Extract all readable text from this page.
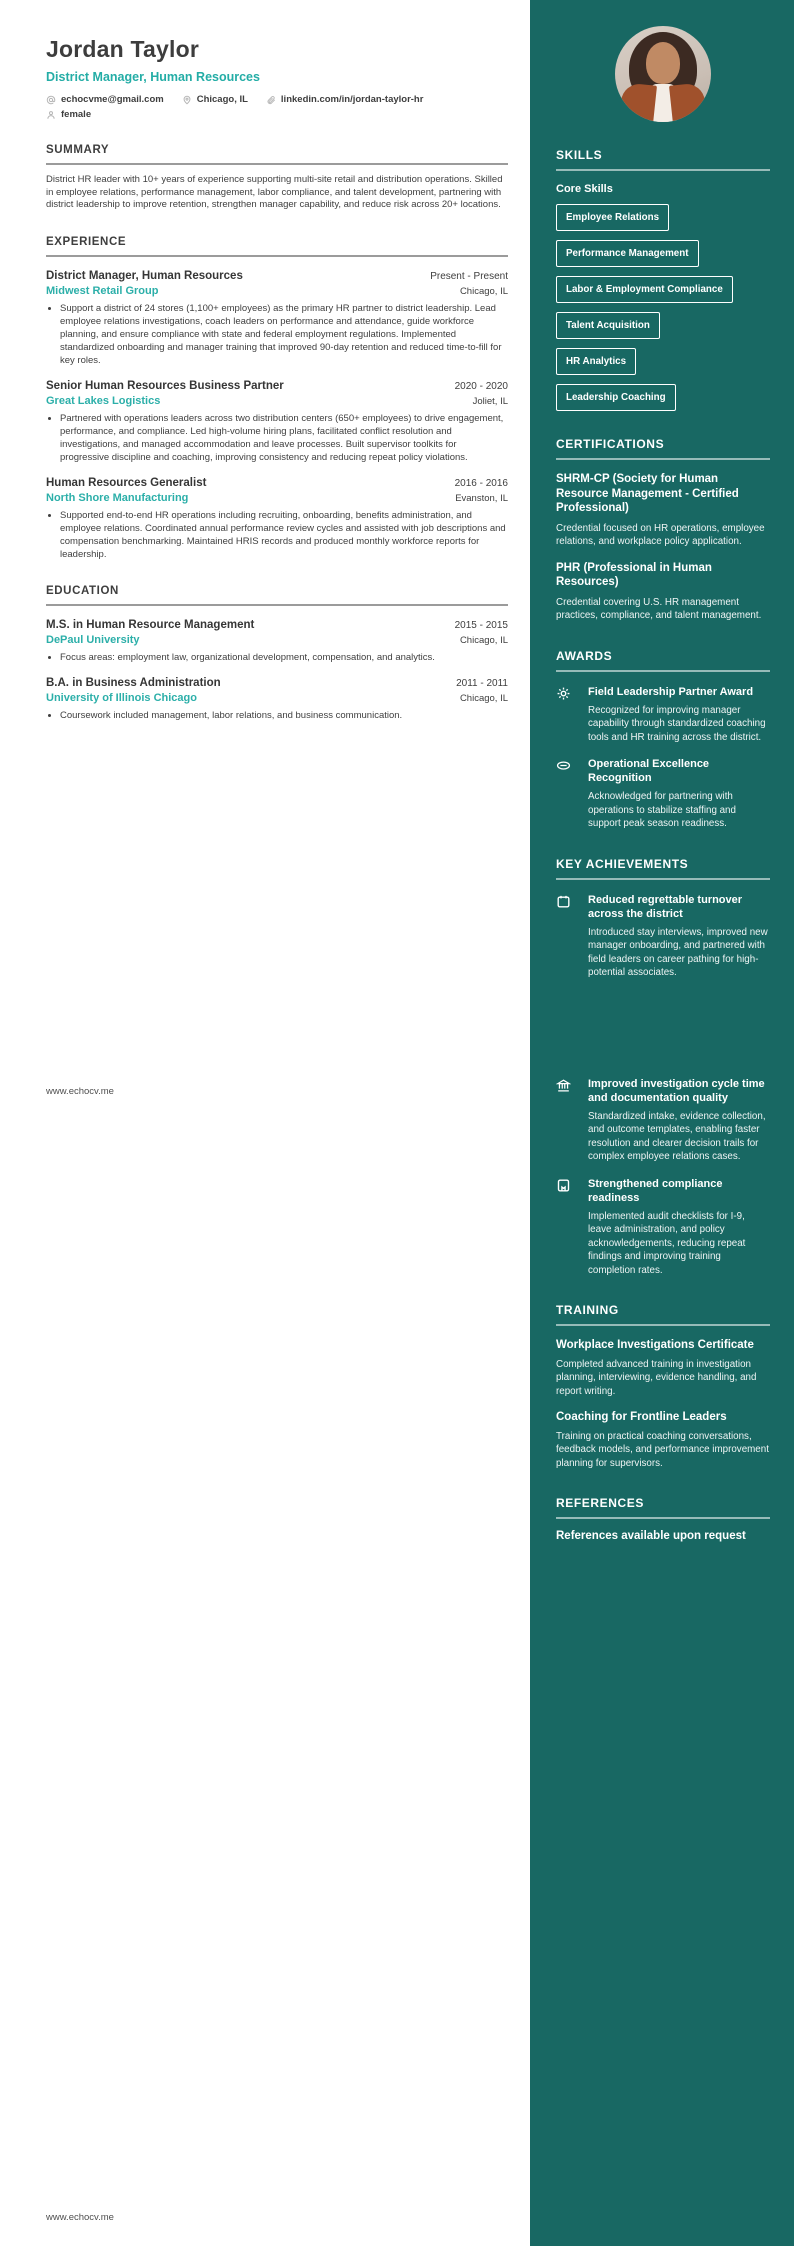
Jordan Taylor
District Manager, Human Resources
echocvme@gmail.com	Chicago, IL	linkedin.com/in/jordan-taylor-hr
female
SUMMARY
District HR leader with 10+ years of experience supporting multi-site retail and distribution operations. Skilled in employee relations, performance management, labor compliance, and talent development, partnering with district leadership to improve retention, strengthen manager capability, and reduce risk across 20+ locations.
EXPERIENCE
District Manager, Human Resources	Present - Present
Midwest Retail Group	Chicago, IL
• Support a district of 24 stores (1,100+ employees) as the primary HR partner to district leadership. Lead employee relations investigations, coach leaders on performance and attendance, guide workforce planning, and ensure compliance with state and federal employment regulations. Implemented standardized onboarding and manager training that improved 90-day retention and reduced time-to-fill for key roles.
Senior Human Resources Business Partner	2020 - 2020
Great Lakes Logistics	Joliet, IL
• Partnered with operations leaders across two distribution centers (650+ employees) to drive engagement, performance, and compliance. Led high-volume hiring plans, facilitated conflict resolution and investigations, and managed accommodation and leave processes. Built supervisor toolkits for progressive discipline and coaching, improving consistency and reducing repeat policy violations.
Human Resources Generalist	2016 - 2016
North Shore Manufacturing	Evanston, IL
• Supported end-to-end HR operations including recruiting, onboarding, benefits administration, and employee relations. Coordinated annual performance review cycles and assisted with job descriptions and compensation benchmarking. Maintained HRIS records and produced monthly workforce reports for leadership.
EDUCATION
M.S. in Human Resource Management	2015 - 2015
DePaul University	Chicago, IL
• Focus areas: employment law, organizational development, compensation, and analytics.
B.A. in Business Administration	2011 - 2011
University of Illinois Chicago	Chicago, IL
• Coursework included management, labor relations, and business communication.
www.echocv.me
www.echocv.me
SKILLS
Core Skills
Employee Relations
Performance Management
Labor & Employment Compliance
Talent Acquisition
HR Analytics
Leadership Coaching
CERTIFICATIONS
SHRM-CP (Society for Human Resource Management - Certified Professional)
Credential focused on HR operations, employee relations, and workplace policy application.
PHR (Professional in Human Resources)
Credential covering U.S. HR management practices, compliance, and talent management.
AWARDS
Field Leadership Partner Award
Recognized for improving manager capability through standardized coaching tools and HR training across the district.
Operational Excellence Recognition
Acknowledged for partnering with operations to stabilize staffing and support peak season readiness.
KEY ACHIEVEMENTS
Reduced regrettable turnover across the district
Introduced stay interviews, improved new manager onboarding, and partnered with field leaders on career pathing for high-potential associates.
Improved investigation cycle time and documentation quality
Standardized intake, evidence collection, and outcome templates, enabling faster resolution and clearer decision trails for complex employee relations cases.
Strengthened compliance readiness
Implemented audit checklists for I-9, leave administration, and policy acknowledgements, reducing repeat findings and improving training completion rates.
TRAINING
Workplace Investigations Certificate
Completed advanced training in investigation planning, interviewing, evidence handling, and report writing.
Coaching for Frontline Leaders
Training on practical coaching conversations, feedback models, and performance improvement planning for supervisors.
REFERENCES
References available upon request
